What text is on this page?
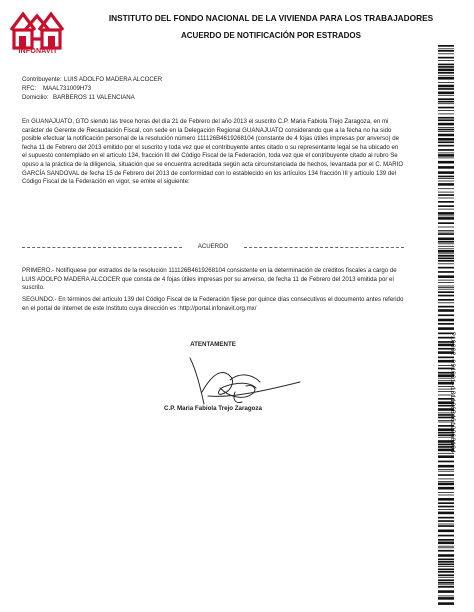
INFONAVIT
INSTITUTO DEL FONDO NACIONAL DE LA VIVIENDA PARA LOS TRABAJADORES
ACUERDO DE NOTIFICACIÓN POR ESTRADOS
Contribuyente: LUIS ADOLFO MADERA ALCOCER
RFC: MAAL731009H73
Domicilio: BARBEROS 11 VALENCIANA
En GUANAJUATO, GTO siendo las trece horas del día 21 de Febrero del año 2013 el suscrito C.P. Maria Fabiola Trejo Zaragoza, en mi
carácter de Gerente de Recaudación Fiscal, con sede en la Delegación Regional GUANAJUATO considerando que a la fecha no ha sido
posible efectuar la notificación personal de la resolución número 111126B4619268104 (constante de 4 fojas útiles impresas por anverso) de
fecha 11 de Febrero del 2013 emitido por el suscrito y toda vez que el contribuyente antes citado o su representante legal se ha ubicado en
el supuesto contemplado en el artículo 134, fracción III del Código Fiscal de la Federación, toda vez que el contribuyente citado al rubro Se
opuso a la práctica de la diligencia, situación que se encuentra acreditada según acta circunstanciada de hechos, levantada por el C. MARIO
GARCÍA SANDOVAL de fecha 15 de Febrero del 2013 de conformidad con lo establecido en los artículos 134 fracción III y artículo 139 del
Código Fiscal de la Federación en vigor, se emite el siguiente:
ACUERDO
PRIMERO.- Notifíquese por estrados de la resolución 111126B4619268104 consistente en la determinación de créditos fiscales a cargo de
LUIS ADOLFO MADERA ALCOCER que consta de 4 fojas útiles impresas por su anverso, de fecha 11 de Febrero del 2013 emitida por el
suscrito.
SEGUNDO.- En términos del artículo 139 del Código Fiscal de la Federación fíjese por quince días consecutivos el documento antes referido
en el portal de internet de este Instituto cuya dirección es :http://portal.infonavit.org.mx/
ATENTAMENTE
C.P. Maria Fabiola Trejo Zaragoza	P10002-091001-131126B4619268104
